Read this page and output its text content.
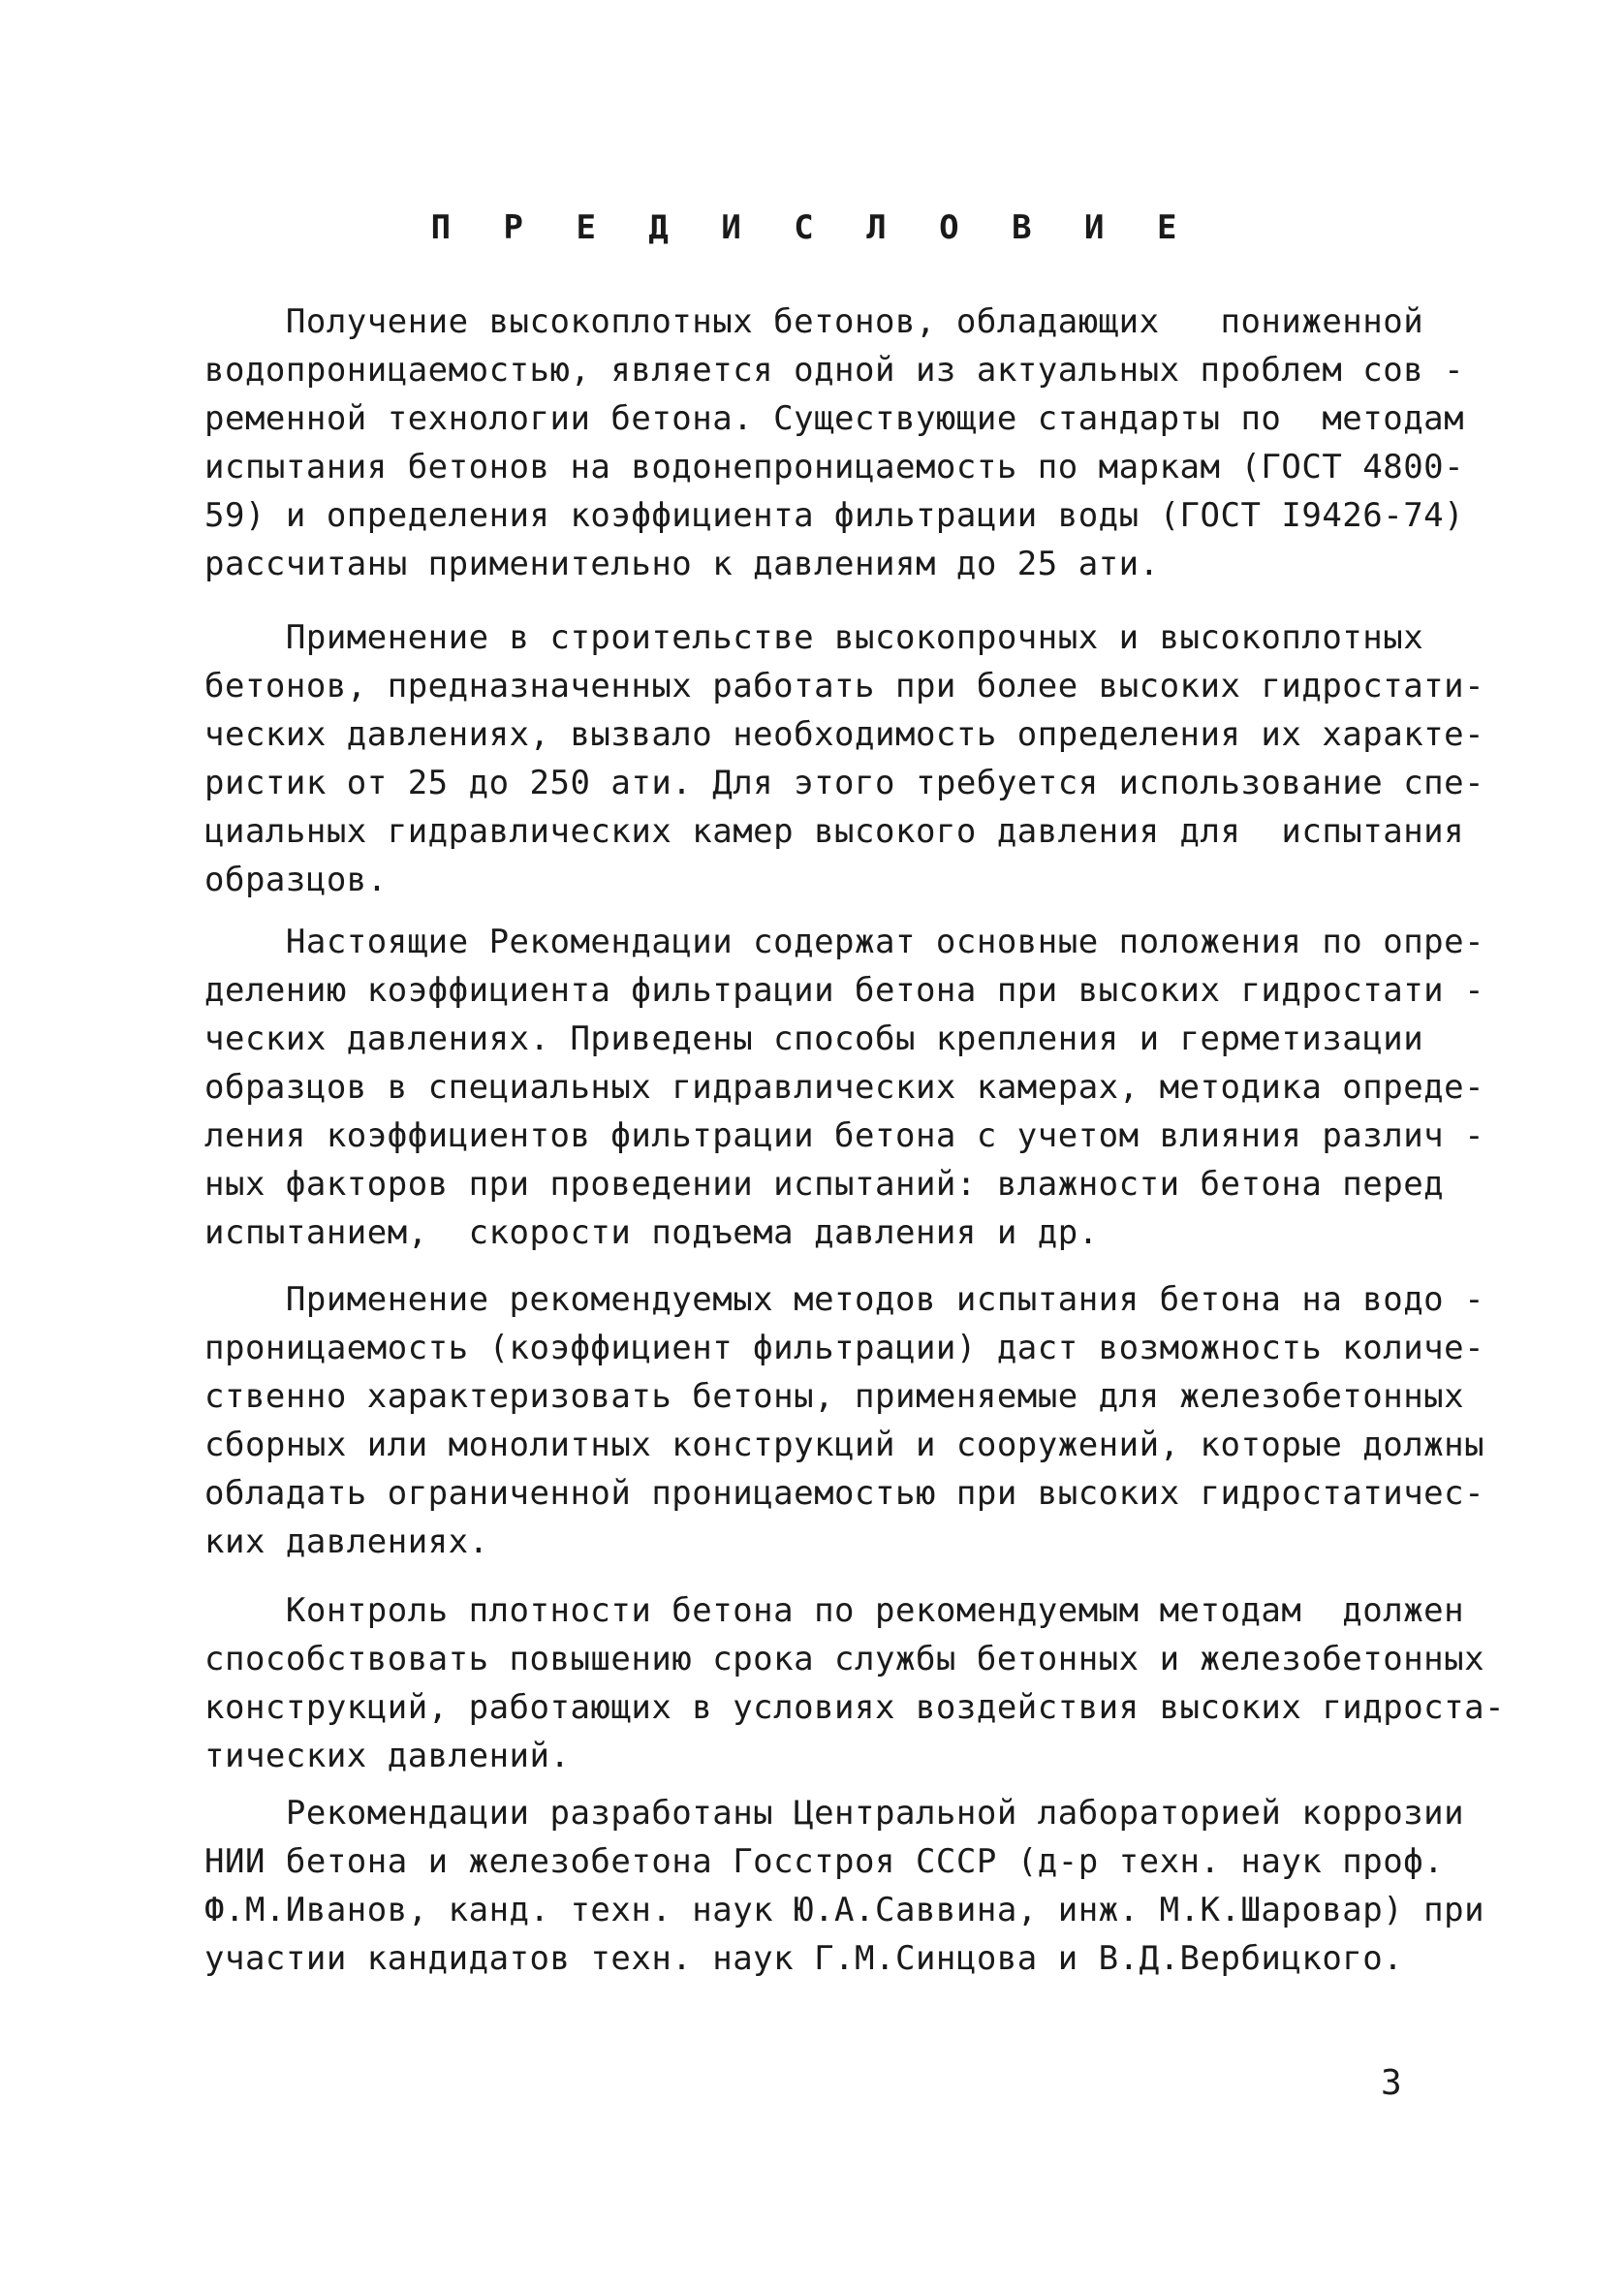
П Р Е Д И С Л О В И Е
Получение высокоплотных бетонов, обладающих   пониженной
водопроницаемостью, является одной из актуальных проблем сов -
ременной технологии бетона. Существующие стандарты по  методам
испытания бетонов на водонепроницаемость по маркам (ГОСТ 4800-
59) и определения коэффициента фильтрации воды (ГОСТ I9426-74)
рассчитаны применительно к давлениям до 25 ати.
Применение в строительстве высокопрочных и высокоплотных
бетонов, предназначенных работать при более высоких гидростати-
ческих давлениях, вызвало необходимость определения их характе-
ристик от 25 до 250 ати. Для этого требуется использование спе-
циальных гидравлических камер высокого давления для  испытания
образцов.
Настоящие Рекомендации содержат основные положения по опре-
делению коэффициента фильтрации бетона при высоких гидростати -
ческих давлениях. Приведены способы крепления и герметизации
образцов в специальных гидравлических камерах, методика опреде-
ления коэффициентов фильтрации бетона с учетом влияния различ -
ных факторов при проведении испытаний: влажности бетона перед
испытанием,  скорости подъема давления и др.
Применение рекомендуемых методов испытания бетона на водо -
проницаемость (коэффициент фильтрации) даст возможность количе-
ственно характеризовать бетоны, применяемые для железобетонных
сборных или монолитных конструкций и сооружений, которые должны
обладать ограниченной проницаемостью при высоких гидростатичес-
ких давлениях.
Контроль плотности бетона по рекомендуемым методам  должен
способствовать повышению срока службы бетонных и железобетонных
конструкций, работающих в условиях воздействия высоких гидроста-
тических давлений.
Рекомендации разработаны Центральной лабораторией коррозии
НИИ бетона и железобетона Госстроя СССР (д-р техн. наук проф.
Ф.М.Иванов, канд. техн. наук Ю.А.Саввина, инж. М.К.Шаровар) при
участии кандидатов техн. наук Г.М.Синцова и В.Д.Вербицкого.
3
